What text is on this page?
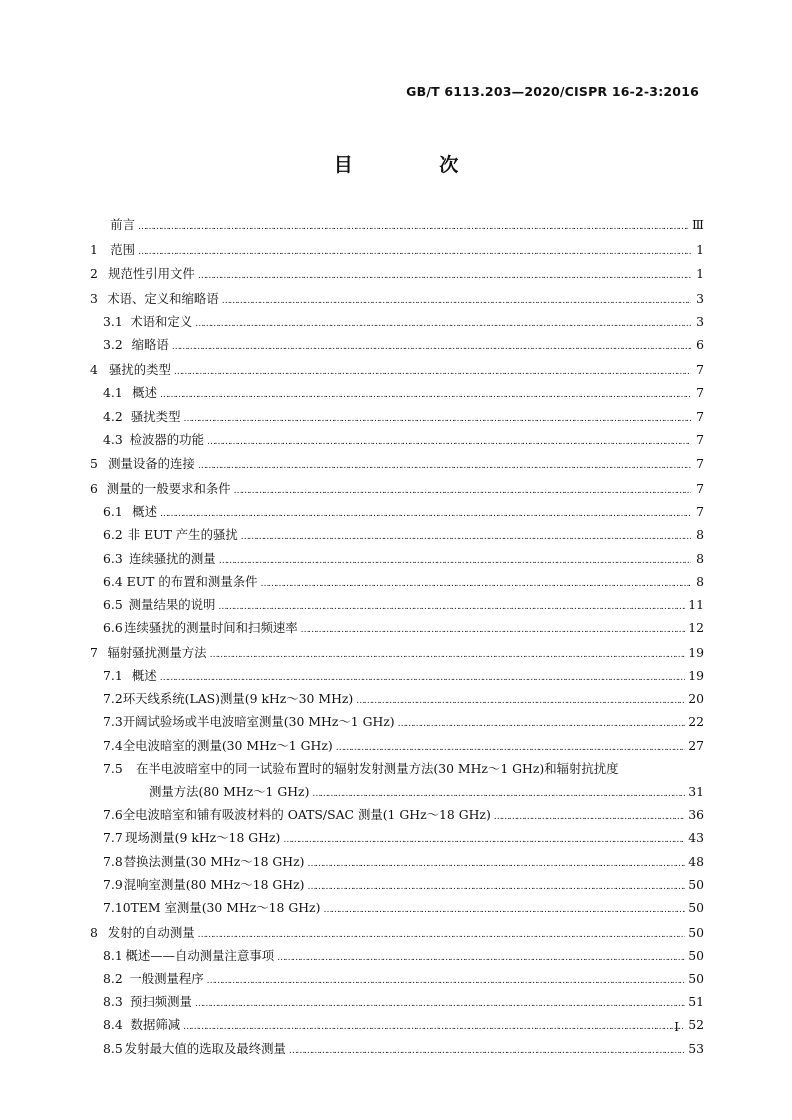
GB/T 6113.203—2020/CISPR 16-2-3:2016
目 次
前言 ……………………………………………………………………………………………………………………………………………………………………………………………………………………	Ⅲ
1 范围 ……………………………………………………………………………………………………………………………………………………………………………………………………………………	1
2 规范性引用文件 ……………………………………………………………………………………………………………………………………………………………………………………………………………………	1
3 术语、定义和缩略语 ……………………………………………………………………………………………………………………………………………………………………………………………………………………	3
3.1 术语和定义 ……………………………………………………………………………………………………………………………………………………………………………………………………………………	3
3.2 缩略语 ……………………………………………………………………………………………………………………………………………………………………………………………………………………	6
4 骚扰的类型 ……………………………………………………………………………………………………………………………………………………………………………………………………………………	7
4.1 概述 ……………………………………………………………………………………………………………………………………………………………………………………………………………………	7
4.2 骚扰类型 ……………………………………………………………………………………………………………………………………………………………………………………………………………………	7
4.3 检波器的功能 ……………………………………………………………………………………………………………………………………………………………………………………………………………………	7
5 测量设备的连接 ……………………………………………………………………………………………………………………………………………………………………………………………………………………	7
6 测量的一般要求和条件 ……………………………………………………………………………………………………………………………………………………………………………………………………………………	7
6.1 概述 ……………………………………………………………………………………………………………………………………………………………………………………………………………………	7
6.2 非 EUT 产生的骚扰 ……………………………………………………………………………………………………………………………………………………………………………………………………………………	8
6.3 连续骚扰的测量 ……………………………………………………………………………………………………………………………………………………………………………………………………………………	8
6.4 EUT 的布置和测量条件 ……………………………………………………………………………………………………………………………………………………………………………………………………………………	8
6.5 测量结果的说明 ……………………………………………………………………………………………………………………………………………………………………………………………………………………	11
6.6 连续骚扰的测量时间和扫频速率 ……………………………………………………………………………………………………………………………………………………………………………………………………………………	12
7 辐射骚扰测量方法 ……………………………………………………………………………………………………………………………………………………………………………………………………………………	19
7.1 概述 ……………………………………………………………………………………………………………………………………………………………………………………………………………………	19
7.2 环天线系统(LAS)测量(9 kHz～30 MHz) ……………………………………………………………………………………………………………………………………………………………………………………………………………………	20
7.3 开阔试验场或半电波暗室测量(30 MHz～1 GHz) ……………………………………………………………………………………………………………………………………………………………………………………………………………………	22
7.4 全电波暗室的测量(30 MHz～1 GHz) ……………………………………………………………………………………………………………………………………………………………………………………………………………………	27
7.5	在半电波暗室中的同一试验布置时的辐射发射测量方法(30 MHz～1 GHz)和辐射抗扰度
测量方法(80 MHz～1 GHz) ……………………………………………………………………………………………………………………………………………………………………………………………………………………	31
7.6 全电波暗室和铺有吸波材料的 OATS/SAC 测量(1 GHz～18 GHz) ……………………………………………………………………………………………………………………………………………………………………………………………………………………	36
7.7 现场测量(9 kHz～18 GHz) ……………………………………………………………………………………………………………………………………………………………………………………………………………………	43
7.8 替换法测量(30 MHz～18 GHz) ……………………………………………………………………………………………………………………………………………………………………………………………………………………	48
7.9 混响室测量(80 MHz～18 GHz) ……………………………………………………………………………………………………………………………………………………………………………………………………………………	50
7.10 TEM 室测量(30 MHz～18 GHz) ……………………………………………………………………………………………………………………………………………………………………………………………………………………	50
8 发射的自动测量 ……………………………………………………………………………………………………………………………………………………………………………………………………………………	50
8.1 概述——自动测量注意事项 ……………………………………………………………………………………………………………………………………………………………………………………………………………………	50
8.2 一般测量程序 ……………………………………………………………………………………………………………………………………………………………………………………………………………………	50
8.3 预扫频测量 ……………………………………………………………………………………………………………………………………………………………………………………………………………………	51
8.4 数据筛减 ……………………………………………………………………………………………………………………………………………………………………………………………………………………	52
8.5 发射最大值的选取及最终测量 ……………………………………………………………………………………………………………………………………………………………………………………………………………………	53
I
